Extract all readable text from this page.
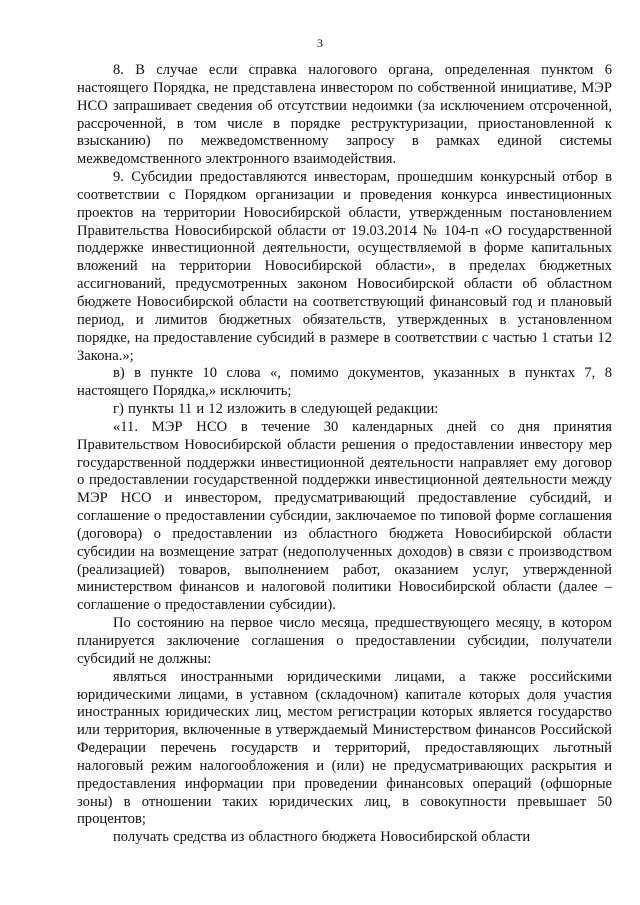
3

8. В случае если справка налогового органа, определенная пунктом 6 настоящего Порядка, не представлена инвестором по собственной инициативе, МЭР НСО запрашивает сведения об отсутствии недоимки (за исключением отсроченной, рассроченной, в том числе в порядке реструктуризации, приостановленной к взысканию) по межведомственному запросу в рамках единой системы межведомственного электронного взаимодействия.

9. Субсидии предоставляются инвесторам, прошедшим конкурсный отбор в соответствии с Порядком организации и проведения конкурса инвестиционных проектов на территории Новосибирской области, утвержденным постановлением Правительства Новосибирской области от 19.03.2014 № 104-п «О государственной поддержке инвестиционной деятельности, осуществляемой в форме капитальных вложений на территории Новосибирской области», в пределах бюджетных ассигнований, предусмотренных законом Новосибирской области об областном бюджете Новосибирской области на соответствующий финансовый год и плановый период, и лимитов бюджетных обязательств, утвержденных в установленном порядке, на предоставление субсидий в размере в соответствии с частью 1 статьи 12 Закона.»;

в) в пункте 10 слова «, помимо документов, указанных в пунктах 7, 8 настоящего Порядка,» исключить;

г) пункты 11 и 12 изложить в следующей редакции:

«11. МЭР НСО в течение 30 календарных дней со дня принятия Правительством Новосибирской области решения о предоставлении инвестору мер государственной поддержки инвестиционной деятельности направляет ему договор о предоставлении государственной поддержки инвестиционной деятельности между МЭР НСО и инвестором, предусматривающий предоставление субсидий, и соглашение о предоставлении субсидии, заключаемое по типовой форме соглашения (договора) о предоставлении из областного бюджета Новосибирской области субсидии на возмещение затрат (недополученных доходов) в связи с производством (реализацией) товаров, выполнением работ, оказанием услуг, утвержденной министерством финансов и налоговой политики Новосибирской области (далее – соглашение о предоставлении субсидии).

По состоянию на первое число месяца, предшествующего месяцу, в котором планируется заключение соглашения о предоставлении субсидии, получатели субсидий не должны:

являться иностранными юридическими лицами, а также российскими юридическими лицами, в уставном (складочном) капитале которых доля участия иностранных юридических лиц, местом регистрации которых является государство или территория, включенные в утверждаемый Министерством финансов Российской Федерации перечень государств и территорий, предоставляющих льготный налоговый режим налогообложения и (или) не предусматривающих раскрытия и предоставления информации при проведении финансовых операций (офшорные зоны) в отношении таких юридических лиц, в совокупности превышает 50 процентов;

получать средства из областного бюджета Новосибирской области
